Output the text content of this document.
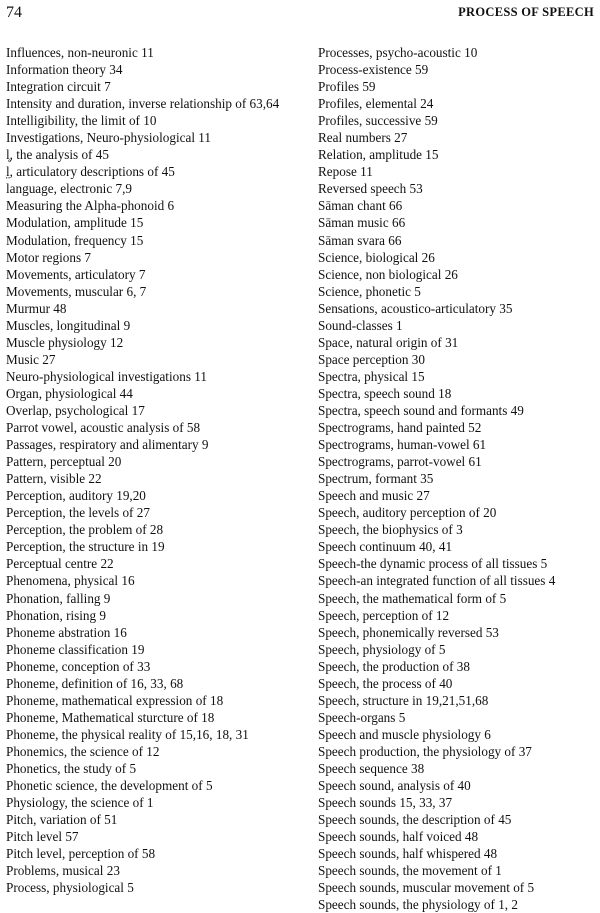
74	PROCESS OF SPEECH
Influences, non-neuronic 11
Information theory 34
Integration circuit 7
Intensity and duration, inverse relationship of 63,64
Intelligibility, the limit of 10
Investigations, Neuro-physiological 11
l̥, the analysis of 45
l̤, articulatory descriptions of 45
language, electronic 7,9
Measuring the Alpha-phonoid 6
Modulation, amplitude 15
Modulation, frequency 15
Motor regions 7
Movements, articulatory 7
Movements, muscular 6, 7
Murmur 48
Muscles, longitudinal 9
Muscle physiology 12
Music 27
Neuro-physiological investigations 11
Organ, physiological 44
Overlap, psychological 17
Parrot vowel, acoustic analysis of 58
Passages, respiratory and alimentary 9
Pattern, perceptual 20
Pattern, visible 22
Perception, auditory 19,20
Perception, the levels of 27
Perception, the problem of 28
Perception, the structure in 19
Perceptual centre 22
Phenomena, physical 16
Phonation, falling 9
Phonation, rising 9
Phoneme abstration 16
Phoneme classification 19
Phoneme, conception of 33
Phoneme, definition of 16, 33, 68
Phoneme, mathematical expression of 18
Phoneme, Mathematical sturcture of 18
Phoneme, the physical reality of 15,16, 18, 31
Phonemics, the science of 12
Phonetics, the study of 5
Phonetic science, the development of 5
Physiology, the science of 1
Pitch, variation of 51
Pitch level 57
Pitch level, perception of 58
Problems, musical 23
Process, physiological 5
Processes, psycho-acoustic 10
Process-existence 59
Profiles 59
Profiles, elemental 24
Profiles, successive 59
Real numbers 27
Relation, amplitude 15
Repose 11
Reversed speech 53
Sāman chant 66
Sāman music 66
Sāman svara 66
Science, biological 26
Science, non biological 26
Science, phonetic 5
Sensations, acoustico-articulatory 35
Sound-classes 1
Space, natural origin of 31
Space perception 30
Spectra, physical 15
Spectra, speech sound 18
Spectra, speech sound and formants 49
Spectrograms, hand painted 52
Spectrograms, human-vowel 61
Spectrograms, parrot-vowel 61
Spectrum, formant 35
Speech and music 27
Speech, auditory perception of 20
Speech, the biophysics of 3
Speech continuum 40, 41
Speech-the dynamic process of all tissues 5
Speech-an integrated function of all tissues 4
Speech, the mathematical form of 5
Speech, perception of 12
Speech, phonemically reversed 53
Speech, physiology of 5
Speech, the production of 38
Speech, the process of 40
Speech, structure in 19,21,51,68
Speech-organs 5
Speech and muscle physiology 6
Speech production, the physiology of 37
Speech sequence 38
Speech sound, analysis of 40
Speech sounds 15, 33, 37
Speech sounds, the description of 45
Speech sounds, half voiced 48
Speech sounds, half whispered 48
Speech sounds, the movement of 1
Speech sounds, muscular movement of 5
Speech sounds, the physiology of 1, 2
